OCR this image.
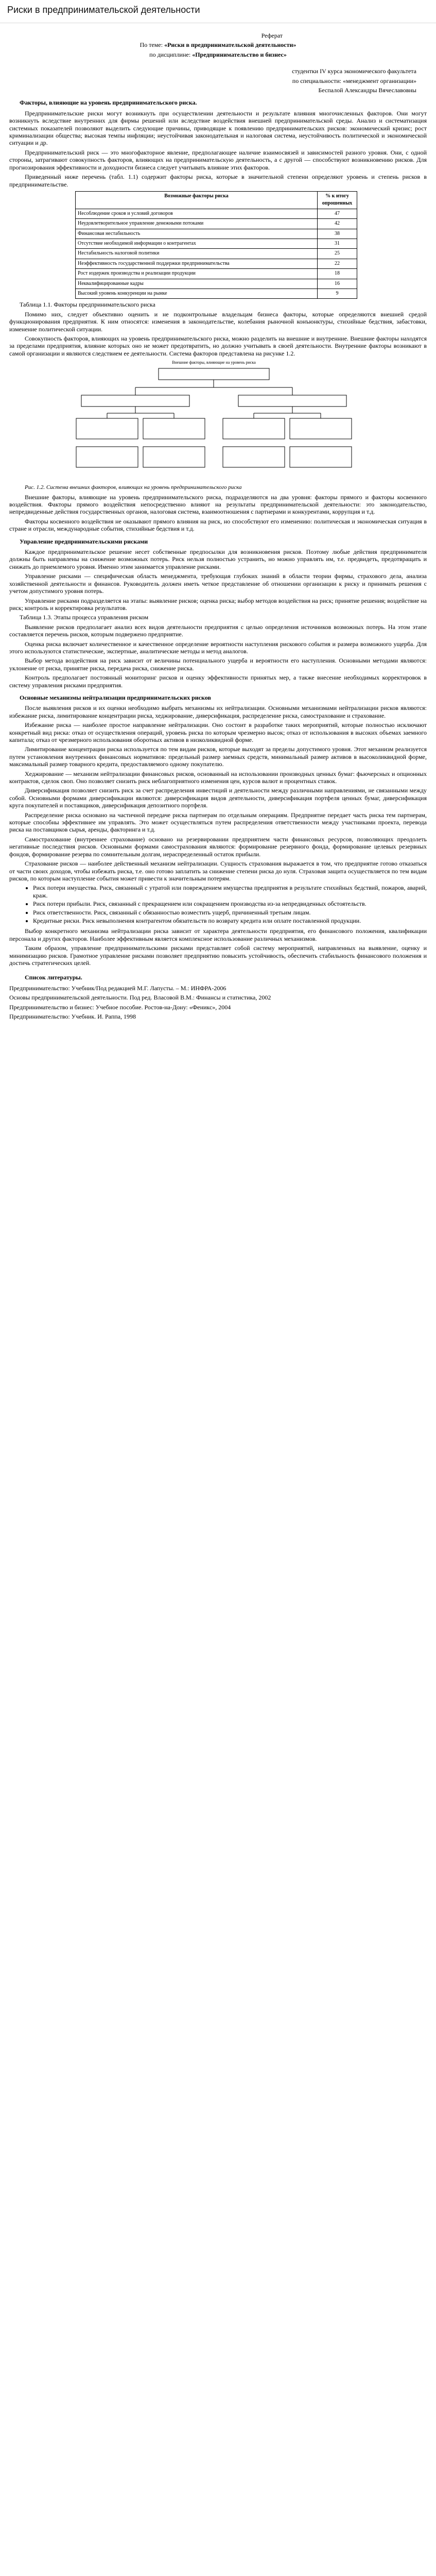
Риски в предпринимательской деятельности

Реферат

По теме: «Риски в предпринимательской деятельности»

по дисциплине: «Предпринимательство и бизнес»

студентки IV курса экономического факультета

по специальности: «менеджмент организации»

Беспалой Александры Вячеславовны

Факторы, влияющие на уровень предпринимательского риска.

Предпринимательские риски могут возникнуть при осуществлении деятельности и результате влияния многочисленных факторов. Они могут возникнуть вследствие внутренних для фирмы решений или вследствие воздействия внешней предпринимательской среды. Анализ и систематизация системных показателей позволяют выделить следующие причины, приводящие к появлению предпринимательских рисков: экономический кризис; рост криминализации общества; высокая темпы инфляции; неустойчивая законодательная и налоговая система, неустойчивость политической и экономической ситуации и др.

Предпринимательский риск — это многофакторное явление, предполагающее наличие взаимосвязей и зависимостей разного уровня. Они, с одной стороны, затрагивают совокупность факторов, влияющих на предпринимательскую деятельность, а с другой — способствуют возникновению рисков. Для прогнозирования эффективности и доходности бизнеса следует учитывать влияние этих факторов.

Приведенный ниже перечень (табл. 1.1) содержит факторы риска, которые в значительной степени определяют уровень и степень рисков в предпринимательстве.

Возможные факторы риска	% к итогу опрошенных
Несоблюдение сроков и условий договоров	47
Неудовлетворительное управление денежными потоками	42
Финансовая нестабильность	38
Отсутствие необходимой информации о контрагентах	31
Нестабильность налоговой политики	25
Неэффективность государственной поддержки предпринимательства	22
Рост издержек производства и реализации продукции	18
Неквалифицированные кадры	16
Высокий уровень конкуренции на рынке	9

Таблица 1.1. Факторы предпринимательского риска

Помимо них, следует объективно оценить и не подконтрольные владельцам бизнеса факторы, которые определяются внешней средой функционирования предприятия. К ним относятся: изменения в законодательстве, колебания рыночной конъюнктуры, стихийные бедствия, забастовки, изменение политической ситуации.

Совокупность факторов, влияющих на уровень предпринимательского риска, можно разделить на внешние и внутренние. Внешние факторы находятся за пределами предприятия, влияние которых оно не может предотвратить, но должно учитывать в своей деятельности. Внутренние факторы возникают в самой организации и являются следствием ее деятельности. Система факторов представлена на рисунке 1.2.

Внешние факторы, влияющие на уровень риска

Рис. 1.2. Система внешних факторов, влияющих на уровень предпринимательского риска

Внешние факторы, влияющие на уровень предпринимательского риска, подразделяются на два уровня: факторы прямого и факторы косвенного воздействия. Факторы прямого воздействия непосредственно влияют на результаты предпринимательской деятельности: это законодательство, непредвиденные действия государственных органов, налоговая система, взаимоотношения с партнерами и конкурентами, коррупция и т.д.

Факторы косвенного воздействия не оказывают прямого влияния на риск, но способствуют его изменению: политическая и экономическая ситуация в стране и отрасли, международные события, стихийные бедствия и т.д.

Управление предпринимательскими рисками

Каждое предпринимательское решение несет собственные предпосылки для возникновения рисков. Поэтому любые действия предпринимателя должны быть направлены на снижение возможных потерь. Риск нельзя полностью устранить, но можно управлять им, т.е. предвидеть, предотвращать и снижать до приемлемого уровня. Именно этим занимается управление рисками.

Управление рисками — специфическая область менеджмента, требующая глубоких знаний в области теории фирмы, страхового дела, анализа хозяйственной деятельности и финансов. Руководитель должен иметь четкое представление об отношении организации к риску и принимать решения с учетом допустимого уровня потерь.

Управление рисками подразделяется на этапы: выявление рисков; оценка риска; выбор методов воздействия на риск; принятие решения; воздействие на риск; контроль и корректировка результатов.

Таблица 1.3. Этапы процесса управления риском

Выявление рисков предполагает анализ всех видов деятельности предприятия с целью определения источников возможных потерь. На этом этапе составляется перечень рисков, которым подвержено предприятие.

Оценка риска включает количественное и качественное определение вероятности наступления рискового события и размера возможного ущерба. Для этого используются статистические, экспертные, аналитические методы и метод аналогов.

Выбор метода воздействия на риск зависит от величины потенциального ущерба и вероятности его наступления. Основными методами являются: уклонение от риска, принятие риска, передача риска, снижение риска.

Контроль предполагает постоянный мониторинг рисков и оценку эффективности принятых мер, а также внесение необходимых корректировок в систему управления рисками предприятия.

Основные механизмы нейтрализации предпринимательских рисков

После выявления рисков и их оценки необходимо выбрать механизмы их нейтрализации. Основными механизмами нейтрализации рисков являются: избежание риска, лимитирование концентрации риска, хеджирование, диверсификация, распределение риска, самострахование и страхование.

Избежание риска — наиболее простое направление нейтрализации. Оно состоит в разработке таких мероприятий, которые полностью исключают конкретный вид риска: отказ от осуществления операций, уровень риска по которым чрезмерно высок; отказ от использования в высоких объемах заемного капитала; отказ от чрезмерного использования оборотных активов в низколиквидной форме.

Лимитирование концентрации риска используется по тем видам рисков, которые выходят за пределы допустимого уровня. Этот механизм реализуется путем установления внутренних финансовых нормативов: предельный размер заемных средств, минимальный размер активов в высоколиквидной форме, максимальный размер товарного кредита, предоставляемого одному покупателю.

Хеджирование — механизм нейтрализации финансовых рисков, основанный на использовании производных ценных бумаг: фьючерсных и опционных контрактов, сделок своп. Оно позволяет снизить риск неблагоприятного изменения цен, курсов валют и процентных ставок.

Диверсификация позволяет снизить риск за счет распределения инвестиций и деятельности между различными направлениями, не связанными между собой. Основными формами диверсификации являются: диверсификация видов деятельности, диверсификация портфеля ценных бумаг, диверсификация круга покупателей и поставщиков, диверсификация депозитного портфеля.

Распределение риска основано на частичной передаче риска партнерам по отдельным операциям. Предприятие передает часть риска тем партнерам, которые способны эффективнее им управлять. Это может осуществляться путем распределения ответственности между участниками проекта, перевода риска на поставщиков сырья, аренды, факторинга и т.д.

Самострахование (внутреннее страхование) основано на резервировании предприятием части финансовых ресурсов, позволяющих преодолеть негативные последствия рисков. Основными формами самострахования являются: формирование резервного фонда, формирование целевых резервных фондов, формирование резерва по сомнительным долгам, нераспределенный остаток прибыли.

Страхование рисков — наиболее действенный механизм нейтрализации. Сущность страхования выражается в том, что предприятие готово отказаться от части своих доходов, чтобы избежать риска, т.е. оно готово заплатить за снижение степени риска до нуля. Страховая защита осуществляется по тем видам рисков, по которым наступление события может привести к значительным потерям.

• Риск потери имущества. Риск, связанный с утратой или повреждением имущества предприятия в результате стихийных бедствий, пожаров, аварий, краж.
• Риск потери прибыли. Риск, связанный с прекращением или сокращением производства из-за непредвиденных обстоятельств.
• Риск ответственности. Риск, связанный с обязанностью возместить ущерб, причиненный третьим лицам.
• Кредитные риски. Риск невыполнения контрагентом обязательств по возврату кредита или оплате поставленной продукции.

Выбор конкретного механизма нейтрализации риска зависит от характера деятельности предприятия, его финансового положения, квалификации персонала и других факторов. Наиболее эффективным является комплексное использование различных механизмов.

Таким образом, управление предпринимательскими рисками представляет собой систему мероприятий, направленных на выявление, оценку и минимизацию рисков. Грамотное управление рисками позволяет предприятию повысить устойчивость, обеспечить стабильность финансового положения и достичь стратегических целей.

Список литературы.

Предпринимательство: Учебник/Под редакцией М.Г. Лапусты. – М.: ИНФРА-2006

Основы предпринимательской деятельности. Под ред. Власовой В.М.: Финансы и статистика, 2002

Предпринимательство и бизнес: Учебное пособие. Ростов-на-Дону: «Феникс», 2004

Предпринимательство: Учебник. И. Раппа, 1998
